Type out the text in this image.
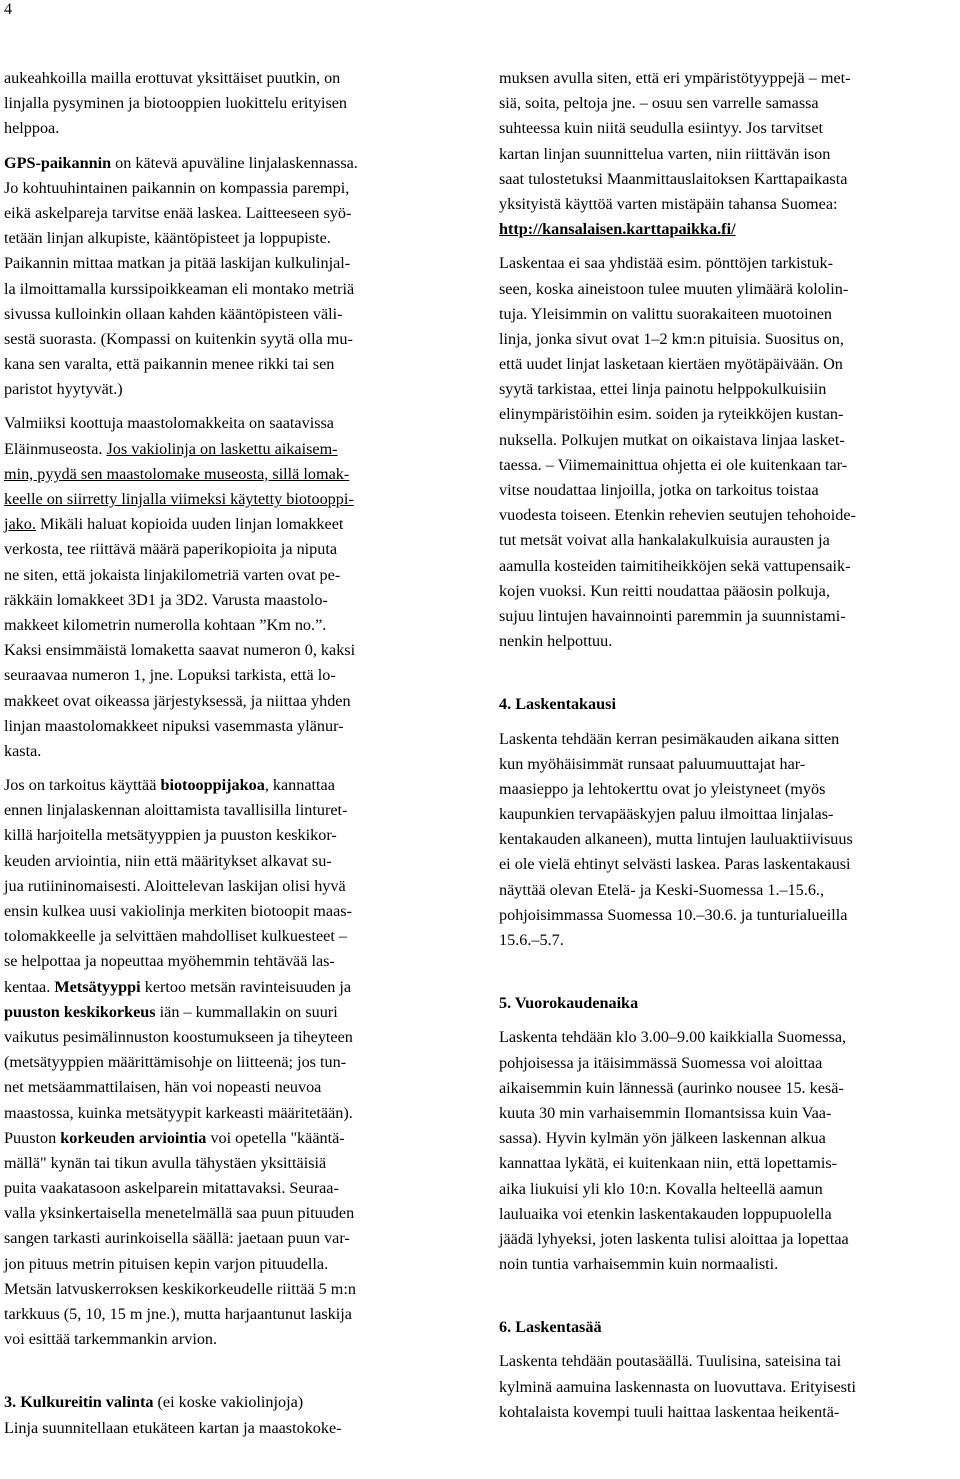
4
aukeahkoilla mailla erottuvat yksittäiset puutkin, on
linjalla pysyminen ja biotooppien luokittelu erityisen
helppoa.
GPS-paikannin on kätevä apuväline linjalaskennassa.
Jo kohtuuhintainen paikannin on kompassia parempi,
eikä askelpareja tarvitse enää laskea. Laitteeseen syö-
tetään linjan alkupiste, kääntöpisteet ja loppupiste.
Paikannin mittaa matkan ja pitää laskijan kulkulinjal-
la ilmoittamalla kurssipoikkeaman eli montako metriä
sivussa kulloinkin ollaan kahden kääntöpisteen väli-
sestä suorasta. (Kompassi on kuitenkin syytä olla mu-
kana sen varalta, että paikannin menee rikki tai sen
paristot hyytyvät.)
Valmiiksi koottuja maastolomakkeita on saatavissa
Eläinmuseosta. Jos vakiolinja on laskettu aikaisem-
min, pyydä sen maastolomake museosta, sillä lomak-
keelle on siirretty linjalla viimeksi käytetty biotooppi-
jako. Mikäli haluat kopioida uuden linjan lomakkeet
verkosta, tee riittävä määrä paperikopioita ja niputa
ne siten, että jokaista linjakilometriä varten ovat pe-
räkkäin lomakkeet 3D1 ja 3D2. Varusta maastolo-
makkeet kilometrin numerolla kohtaan ”Km no.”.
Kaksi ensimmäistä lomaketta saavat numeron 0, kaksi
seuraavaa numeron 1, jne. Lopuksi tarkista, että lo-
makkeet ovat oikeassa järjestyksessä, ja niittaa yhden
linjan maastolomakkeet nipuksi vasemmasta ylänur-
kasta.
Jos on tarkoitus käyttää biotooppijakoa, kannattaa
ennen linjalaskennan aloittamista tavallisilla linturet-
killä harjoitella metsätyyppien ja puuston keskikor-
keuden arviointia, niin että määritykset alkavat su-
jua rutiininomaisesti. Aloittelevan laskijan olisi hyvä
ensin kulkea uusi vakiolinja merkiten biotoopit maas-
tolomakkeelle ja selvittäen mahdolliset kulkuesteet –
se helpottaa ja nopeuttaa myöhemmin tehtävää las-
kentaa. Metsätyyppi kertoo metsän ravinteisuuden ja
puuston keskikorkeus iän – kummallakin on suuri
vaikutus pesimälinnuston koostumukseen ja tiheyteen
(metsätyyppien määrittämisohje on liitteenä; jos tun-
net metsäammattilaisen, hän voi nopeasti neuvoa
maastossa, kuinka metsätyypit karkeasti määritetään).
Puuston korkeuden arviointia voi opetella "kääntä-
mällä" kynän tai tikun avulla tähystäen yksittäisiä
puita vaakatasoon askelparein mitattavaksi. Seuraa-
valla yksinkertaisella menetelmällä saa puun pituuden
sangen tarkasti aurinkoisella säällä: jaetaan puun var-
jon pituus metrin pituisen kepin varjon pituudella.
Metsän latvuskerroksen keskikorkeudelle riittää 5 m:n
tarkkuus (5, 10, 15 m jne.), mutta harjaantunut laskija
voi esittää tarkemmankin arvion.
3. Kulkureitin valinta (ei koske vakiolinjoja)
Linja suunnitellaan etukäteen kartan ja maastokoke-
muksen avulla siten, että eri ympäristötyyppejä – met-
siä, soita, peltoja jne. – osuu sen varrelle samassa
suhteessa kuin niitä seudulla esiintyy. Jos tarvitset
kartan linjan suunnittelua varten, niin riittävän ison
saat tulostetuksi Maanmittauslaitoksen Karttapaikasta
yksityistä käyttöä varten mistäpäin tahansa Suomea:
http://kansalaisen.karttapaikka.fi/
Laskentaa ei saa yhdistää esim. pönttöjen tarkistuk-
seen, koska aineistoon tulee muuten ylimäärä kololin-
tuja. Yleisimmin on valittu suorakaiteen muotoinen
linja, jonka sivut ovat 1–2 km:n pituisia. Suositus on,
että uudet linjat lasketaan kiertäen myötäpäivään. On
syytä tarkistaa, ettei linja painotu helppokulkuisiin
elinympäristöihin esim. soiden ja ryteikköjen kustan-
nuksella. Polkujen mutkat on oikaistava linjaa lasket-
taessa. – Viimemainittua ohjetta ei ole kuitenkaan tar-
vitse noudattaa linjoilla, jotka on tarkoitus toistaa
vuodesta toiseen. Etenkin rehevien seutujen tehohoide-
tut metsät voivat alla hankalakulkuisia aurausten ja
aamulla kosteiden taimitiheikköjen sekä vattupensaik-
kojen vuoksi. Kun reitti noudattaa pääosin polkuja,
sujuu lintujen havainnointi paremmin ja suunnistami-
nenkin helpottuu.
4. Laskentakausi
Laskenta tehdään kerran pesimäkauden aikana sitten
kun myöhäisimmät runsaat paluumuuttajat har-
maasieppo ja lehtokerttu ovat jo yleistyneet (myös
kaupunkien tervapääskyjen paluu ilmoittaa linjalas-
kentakauden alkaneen), mutta lintujen lauluaktiivisuus
ei ole vielä ehtinyt selvästi laskea. Paras laskentakausi
näyttää olevan Etelä- ja Keski-Suomessa 1.–15.6.,
pohjoisimmassa Suomessa 10.–30.6. ja tunturialueilla
15.6.–5.7.
5. Vuorokaudenaika
Laskenta tehdään klo 3.00–9.00 kaikkialla Suomessa,
pohjoisessa ja itäisimmässä Suomessa voi aloittaa
aikaisemmin kuin lännessä (aurinko nousee 15. kesä-
kuuta 30 min varhaisemmin Ilomantsissa kuin Vaa-
sassa). Hyvin kylmän yön jälkeen laskennan alkua
kannattaa lykätä, ei kuitenkaan niin, että lopettamis-
aika liukuisi yli klo 10:n. Kovalla helteellä aamun
lauluaika voi etenkin laskentakauden loppupuolella
jäädä lyhyeksi, joten laskenta tulisi aloittaa ja lopettaa
noin tuntia varhaisemmin kuin normaalisti.
6. Laskentasää
Laskenta tehdään poutasäällä. Tuulisina, sateisina tai
kylminä aamuina laskennasta on luovuttava. Erityisesti
kohtalaista kovempi tuuli haittaa laskentaa heikentä-
